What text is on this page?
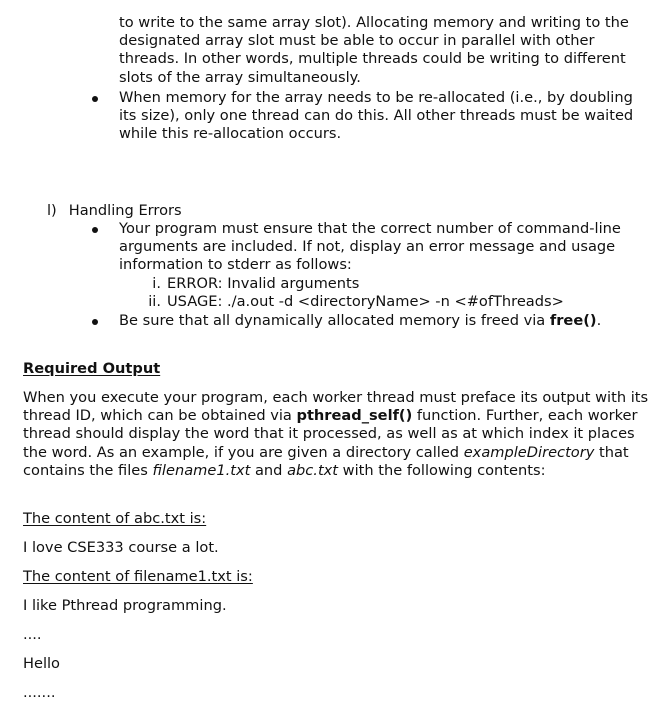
to write to the same array slot). Allocating memory and writing to the designated array slot must be able to occur in parallel with other threads. In other words, multiple threads could be writing to different slots of the array simultaneously.
When memory for the array needs to be re-allocated (i.e., by doubling its size), only one thread can do this. All other threads must be waited while this re-allocation occurs.
l) Handling Errors
Your program must ensure that the correct number of command-line arguments are included. If not, display an error message and usage information to stderr as follows:
i. ERROR: Invalid arguments
ii. USAGE: ./a.out -d <directoryName> -n <#ofThreads>
Be sure that all dynamically allocated memory is freed via free().
Required Output
When you execute your program, each worker thread must preface its output with its thread ID, which can be obtained via pthread_self() function. Further, each worker thread should display the word that it processed, as well as at which index it places the word. As an example, if you are given a directory called exampleDirectory that contains the files filename1.txt and abc.txt with the following contents:
The content of abc.txt is:
I love CSE333 course a lot.
The content of filename1.txt is:
I like Pthread programming.
....
Hello
.......
